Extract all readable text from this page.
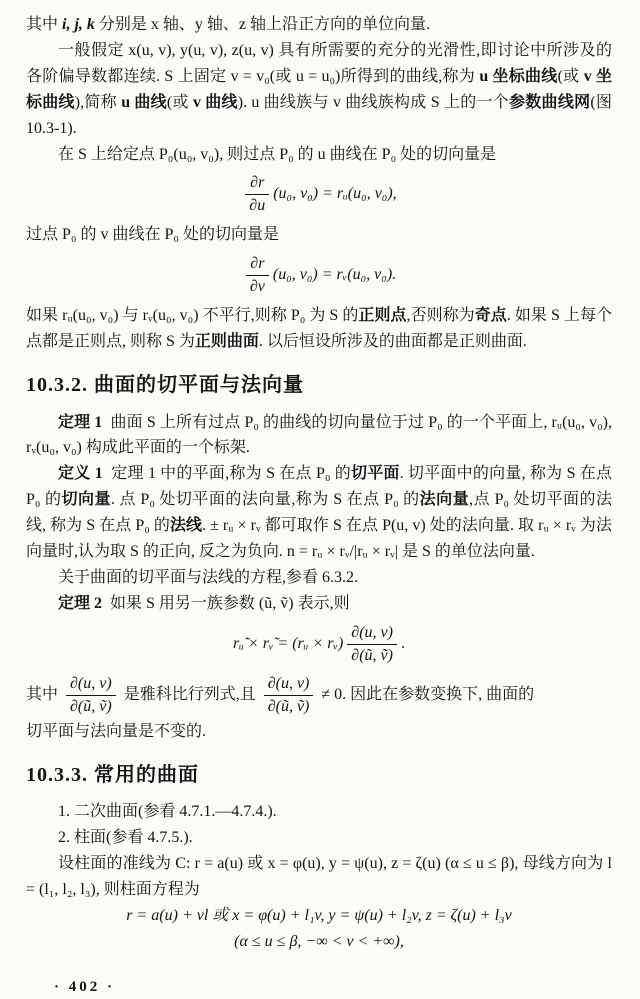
其中 i, j, k 分别是 x 轴、y 轴、z 轴上沿正方向的单位向量.

一般假定 x(u, v), y(u, v), z(u, v) 具有所需要的充分的光滑性,即讨论中所涉及的各阶偏导数都连续. S 上固定 v = v₀(或 u = u₀)所得到的曲线,称为 u 坐标曲线(或 v 坐标曲线),简称 u 曲线(或 v 曲线). u 曲线族与 v 曲线族构成 S 上的一个参数曲线网(图 10.3-1).

在 S 上给定点 P₀(u₀, v₀), 则过点 P₀ 的 u 曲线在 P₀ 处的切向量是

$\frac{\partial r}{\partial u} (u_0$, v₀) = rᵤ(u₀, v₀),

过点 P₀ 的 v 曲线在 P₀ 处的切向量是

$\frac{\partial r}{\partial v} (u_0$, v₀) = rᵥ(u₀, v₀).

如果 rᵤ(u₀, v₀) 与 rᵥ(u₀, v₀) 不平行,则称 P₀ 为 S 的正则点,否则称为奇点. 如果 S 上每个点都是正则点, 则称 S 为正则曲面. 以后恒设所涉及的曲面都是正则曲面.

10.3.2. 曲面的切平面与法向量

定理 1 曲面 S 上所有过点 P₀ 的曲线的切向量位于过 P₀ 的一个平面上, rᵤ(u₀, v₀), rᵥ(u₀, v₀) 构成此平面的一个标架.

定义 1 定理 1 中的平面,称为 S 在点 P₀ 的切平面. 切平面中的向量, 称为 S 在点 P₀ 的切向量. 点 P₀ 处切平面的法向量,称为 S 在点 P₀ 的法向量,点 P₀ 处切平面的法线, 称为 S 在点 P₀ 的法线. ± rᵤ × rᵥ 都可取作 S 在点 P(u, v) 处的法向量. 取 rᵤ × rᵥ 为法向量时,认为取 S 的正向, 反之为负向. n = rᵤ × rᵥ/|rᵤ × rᵥ| 是 S 的单位法向量.

关于曲面的切平面与法线的方程,参看 6.3.2.

定理 2 如果 S 用另一族参数 (ũ, ṽ) 表示,则

rᵤ̃ × rᵥ̃ = (rᵤ × rᵥ) $\frac{\partial(u, v)}{\text{∂(ũ, ṽ)}}$ .

其中 $\frac{\partial(u, v)}{\text{∂(ũ, ṽ)}}$ 是雅科比行列式,且 $\frac{\partial(u, v)}{\text{∂(ũ, ṽ)}} \ne 0$. 因此在参数变换下, 曲面的

切平面与法向量是不变的.

10.3.3. 常用的曲面

1. 二次曲面(参看 4.7.1.—4.7.4.).

2. 柱面(参看 4.7.5.).

设柱面的准线为 C: r = a(u) 或 x = φ(u), y = ψ(u), z = ζ(u) (α ≤ u ≤ β), 母线方向为 l = (l₁, l₂, l₃), 则柱面方程为

r = a(u) + vl 或 x = φ(u) + l₁v, y = ψ(u) + l₂v, z = ζ(u) + l₃v

(α ≤ u ≤ β, −∞ < v < +∞),

· 402 ·
